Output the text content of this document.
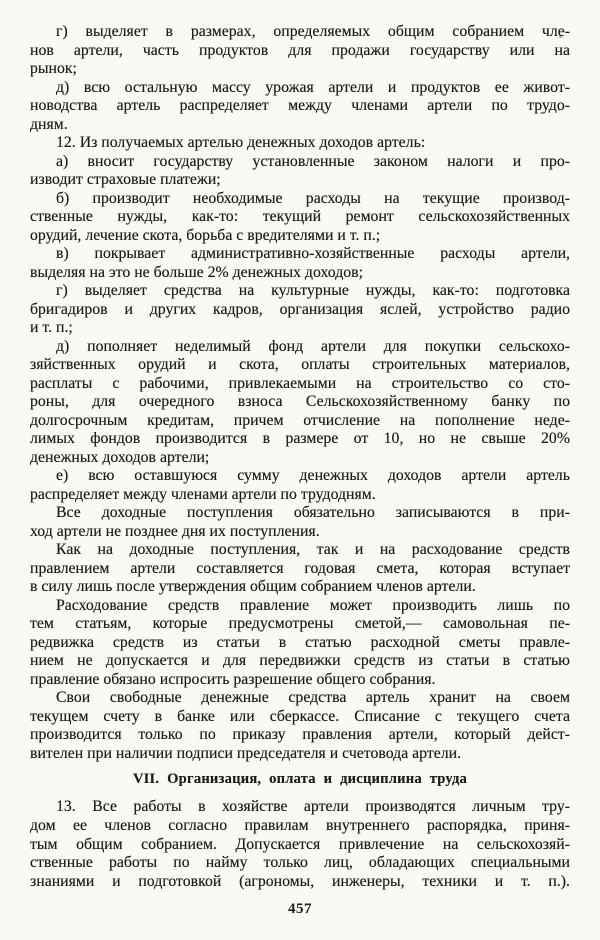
г) выделяет в размерах, определяемых общим собранием чле-
нов артели, часть продуктов для продажи государству или на
рынок;
д) всю остальную массу урожая артели и продуктов ее живот-
новодства артель распределяет между членами артели по трудо-
дням.
12. Из получаемых артелью денежных доходов артель:
а) вносит государству установленные законом налоги и про-
изводит страховые платежи;
б) производит необходимые расходы на текущие производ-
ственные нужды, как-то: текущий ремонт сельскохозяйственных
орудий, лечение скота, борьба с вредителями и т. п.;
в) покрывает административно-хозяйственные расходы артели,
выделяя на это не больше 2% денежных доходов;
г) выделяет средства на культурные нужды, как-то: подготовка
бригадиров и других кадров, организация яслей, устройство радио
и т. п.;
д) пополняет неделимый фонд артели для покупки сельскохо-
зяйственных орудий и скота, оплаты строительных материалов,
расплаты с рабочими, привлекаемыми на строительство со сто-
роны, для очередного взноса Сельскохозяйственному банку по
долгосрочным кредитам, причем отчисление на пополнение неде-
лимых фондов производится в размере от 10, но не свыше 20%
денежных доходов артели;
е) всю оставшуюся сумму денежных доходов артели артель
распределяет между членами артели по трудодням.
Все доходные поступления обязательно записываются в при-
ход артели не позднее дня их поступления.
Как на доходные поступления, так и на расходование средств
правлением артели составляется годовая смета, которая вступает
в силу лишь после утверждения общим собранием членов артели.
Расходование средств правление может производить лишь по
тем статьям, которые предусмотрены сметой,— самовольная пе-
редвижка средств из статьи в статью расходной сметы правле-
нием не допускается и для передвижки средств из статьи в статью
правление обязано испросить разрешение общего собрания.
Свои свободные денежные средства артель хранит на своем
текущем счету в банке или сберкассе. Списание с текущего счета
производится только по приказу правления артели, который дейст-
вителен при наличии подписи председателя и счетовода артели.
VII. Организация, оплата и дисциплина труда
13. Все работы в хозяйстве артели производятся личным тру-
дом ее членов согласно правилам внутреннего распорядка, приня-
тым общим собранием. Допускается привлечение на сельскохозяй-
ственные работы по найму только лиц, обладающих специальными
знаниями и подготовкой (агрономы, инженеры, техники и т. п.).
457
